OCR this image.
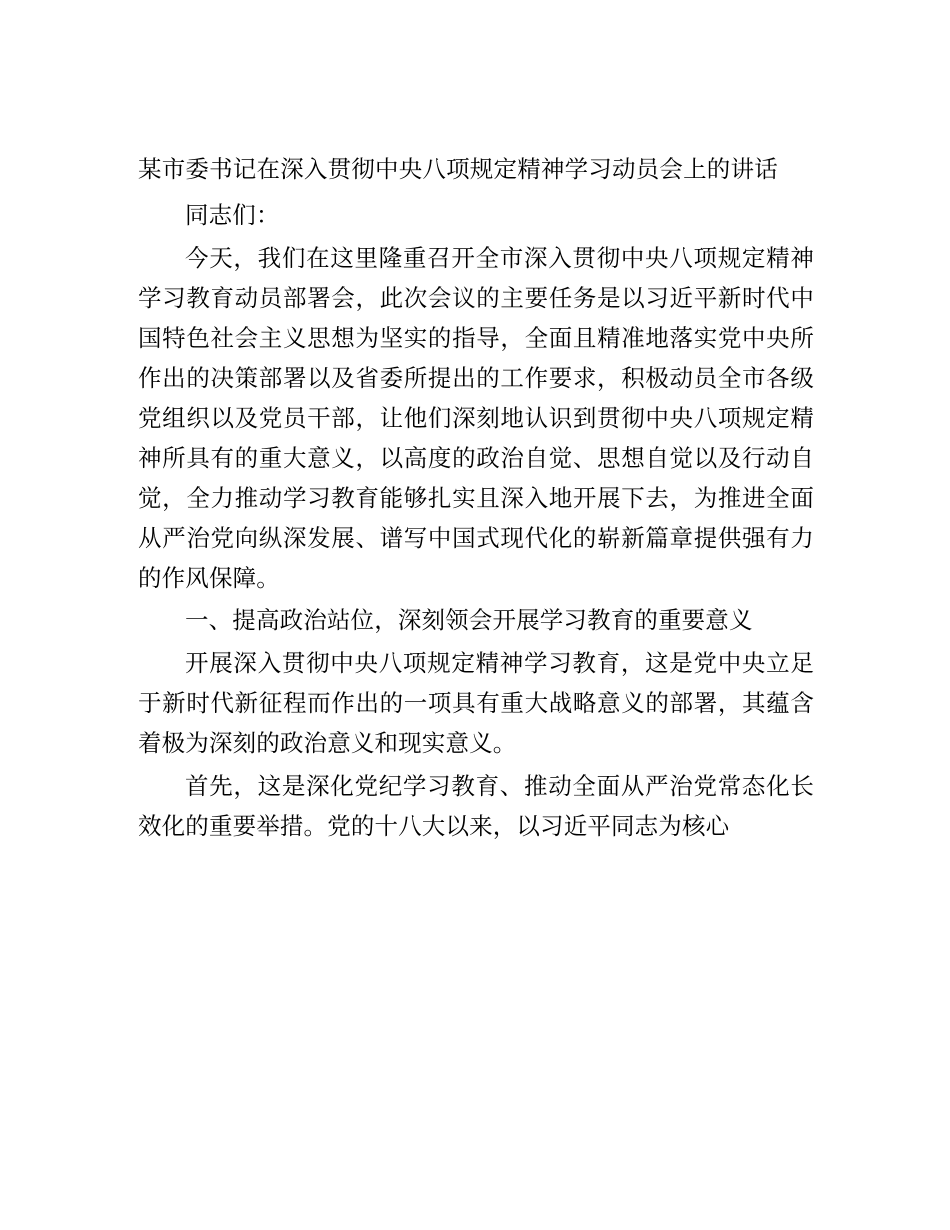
某市委书记在深入贯彻中央八项规定精神学习动员会上的讲话
同志们：
今天，我们在这里隆重召开全市深入贯彻中央八项规定精神学习教育动员部署会，此次会议的主要任务是以习近平新时代中国特色社会主义思想为坚实的指导，全面且精准地落实党中央所作出的决策部署以及省委所提出的工作要求，积极动员全市各级党组织以及党员干部，让他们深刻地认识到贯彻中央八项规定精神所具有的重大意义，以高度的政治自觉、思想自觉以及行动自觉，全力推动学习教育能够扎实且深入地开展下去，为推进全面从严治党向纵深发展、谱写中国式现代化的崭新篇章提供强有力的作风保障。
一、提高政治站位，深刻领会开展学习教育的重要意义
开展深入贯彻中央八项规定精神学习教育，这是党中央立足于新时代新征程而作出的一项具有重大战略意义的部署，其蕴含着极为深刻的政治意义和现实意义。
首先，这是深化党纪学习教育、推动全面从严治党常态化长效化的重要举措。党的十八大以来，以习近平同志为核心
